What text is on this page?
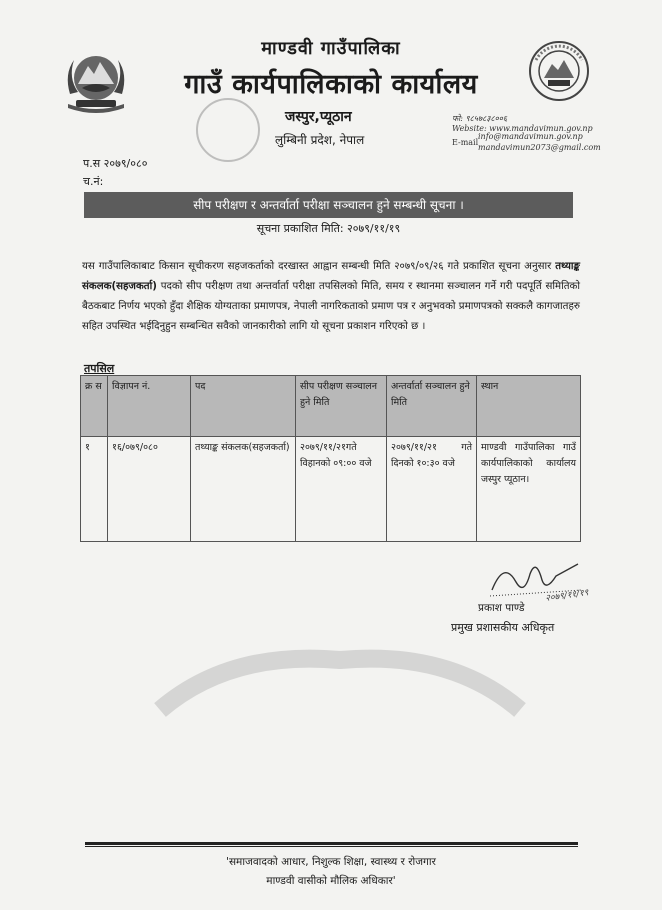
माण्डवी गाउँपालिका
गाउँ कार्यपालिकाको कार्यालय
जस्पुर,प्यूठान
लुम्बिनी प्रदेश, नेपाल
फो: ९८५७८३८००६
Website: www.mandavimun.gov.np
E-mail
info@mandavimun.gov.np
mandavimun2073@gmail.com
प.स २०७९/०८०
च.नं:
सीप परीक्षण र अन्तर्वार्ता परीक्षा सञ्चालन हुने सम्बन्धी सूचना ।
सूचना प्रकाशित मिति: २०७९/११/१९
यस गाउँपालिकाबाट किसान सूचीकरण सहजकर्ताको दरखास्त आह्वान सम्बन्धी मिति २०७९/०९/२६ गते प्रकाशित सूचना अनुसार तथ्याङ्क संकलक(सहजकर्ता) पदको सीप परीक्षण तथा अन्तर्वार्ता परीक्षा तपसिलको मिति, समय र स्थानमा सञ्चालन गर्ने गरी पदपूर्ति समितिको बैठकबाट निर्णय भएको हुँदा शैक्षिक योग्यताका प्रमाणपत्र, नेपाली नागरिकताको प्रमाण पत्र र अनुभवको प्रमाणपत्रको सक्कलै कागजातहरु सहित उपस्थित भईदिनुहुन सम्बन्धित सवैको जानकारीको लागि यो सूचना प्रकाशन गरिएको छ ।
तपसिल
क्र स	विज्ञापन नं.	पद	सीप परीक्षण सञ्चालन हुने मिति	अन्तर्वार्ता सञ्चालन हुने मिति	स्थान
१	१६/०७९/०८०	तथ्याङ्क संकलक(सहजकर्ता)	२०७९/११/२१गते विहानको ०९:०० वजे	२०७९/११/२१ गते दिनको १०:३० वजे	माण्डवी गाउँपालिका गाउँ कार्यपालिकाको कार्यालय जस्पुर प्यूठान।
२०७९/११/१९
प्रकाश पाण्डे
प्रमुख प्रशासकीय अधिकृत
'समाजवादको आधार, निशुल्क शिक्षा, स्वास्थ्य र रोजगार
माण्डवी वासीको मौलिक अधिकार'
